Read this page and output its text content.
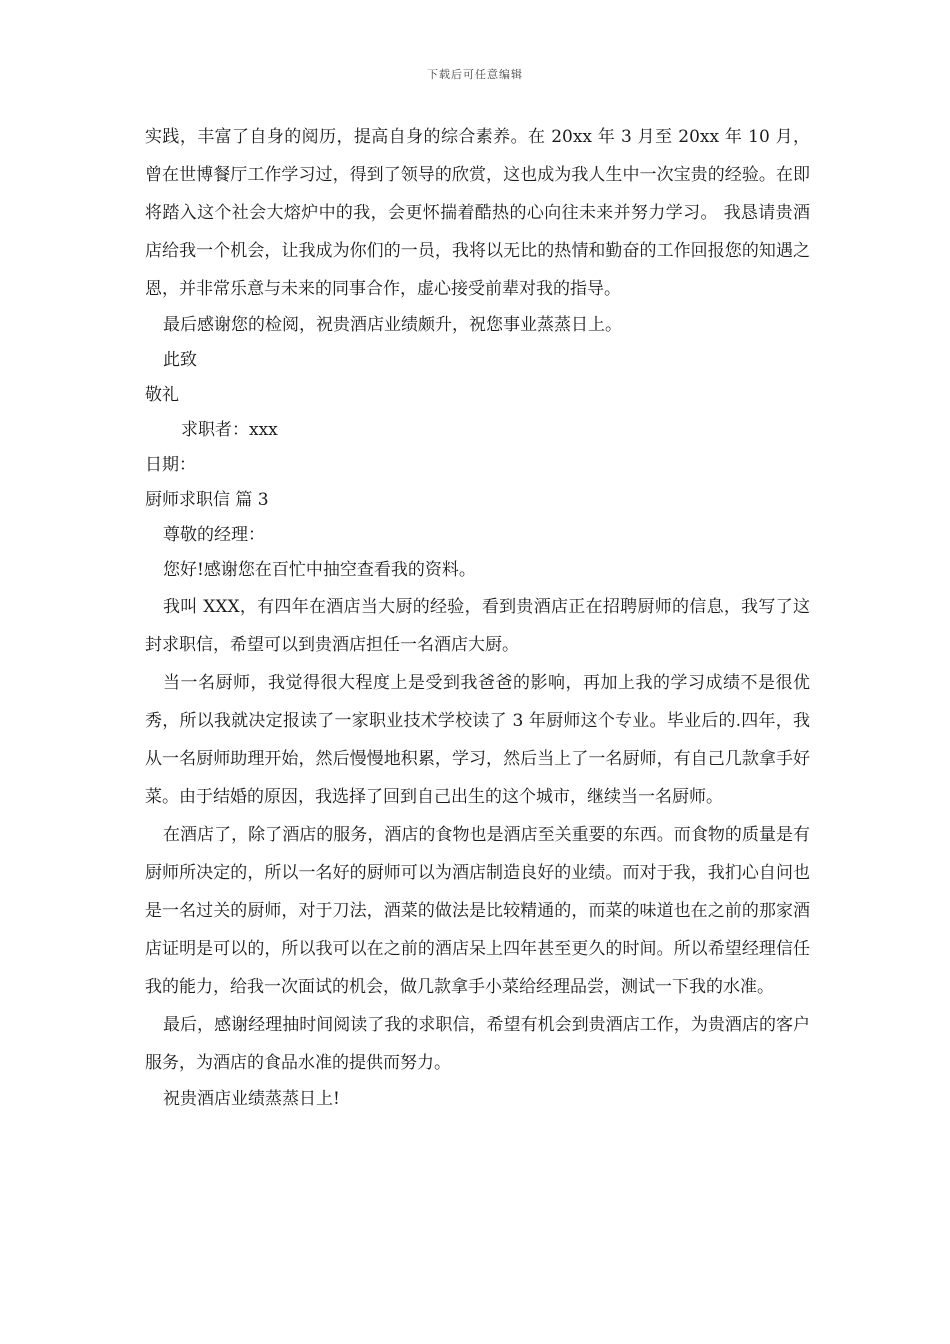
下载后可任意编辑

实践，丰富了自身的阅历，提高自身的综合素养。在 20xx 年 3 月至 20xx 年 10 月，曾在世博餐厅工作学习过，得到了领导的欣赏，这也成为我人生中一次宝贵的经验。在即将踏入这个社会大熔炉中的我，会更怀揣着酷热的心向往未来并努力学习。 我恳请贵酒店给我一个机会，让我成为你们的一员，我将以无比的热情和勤奋的工作回报您的知遇之恩，并非常乐意与未来的同事合作，虚心接受前辈对我的指导。

最后感谢您的检阅，祝贵酒店业绩颇升，祝您事业蒸蒸日上。

此致

敬礼

求职者：xxx

日期：

厨师求职信 篇 3

尊敬的经理：

您好!感谢您在百忙中抽空查看我的资料。

我叫 XXX，有四年在酒店当大厨的经验，看到贵酒店正在招聘厨师的信息，我写了这封求职信，希望可以到贵酒店担任一名酒店大厨。

当一名厨师，我觉得很大程度上是受到我爸爸的影响，再加上我的学习成绩不是很优秀，所以我就决定报读了一家职业技术学校读了 3 年厨师这个专业。毕业后的.四年，我从一名厨师助理开始，然后慢慢地积累，学习，然后当上了一名厨师，有自己几款拿手好菜。由于结婚的原因，我选择了回到自己出生的这个城市，继续当一名厨师。

在酒店了，除了酒店的服务，酒店的食物也是酒店至关重要的东西。而食物的质量是有厨师所决定的，所以一名好的厨师可以为酒店制造良好的业绩。而对于我，我扪心自问也是一名过关的厨师，对于刀法，酒菜的做法是比较精通的，而菜的味道也在之前的那家酒店证明是可以的，所以我可以在之前的酒店呆上四年甚至更久的时间。所以希望经理信任我的能力，给我一次面试的机会，做几款拿手小菜给经理品尝，测试一下我的水准。

最后，感谢经理抽时间阅读了我的求职信，希望有机会到贵酒店工作，为贵酒店的客户服务，为酒店的食品水准的提供而努力。

祝贵酒店业绩蒸蒸日上!
